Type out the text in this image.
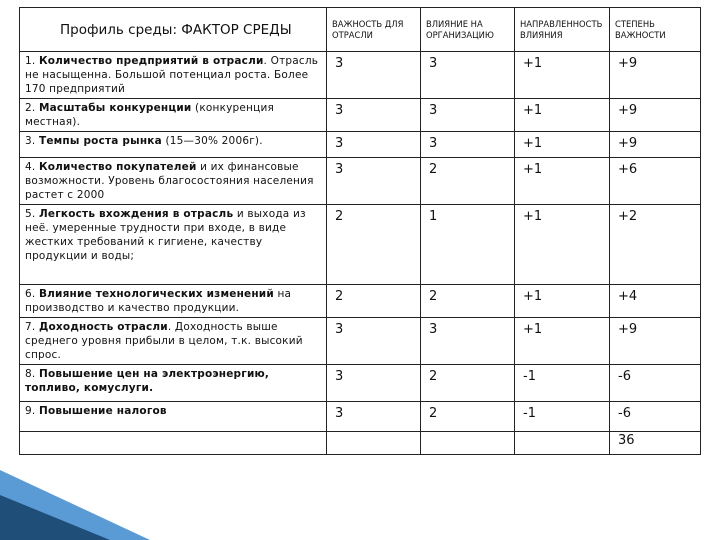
Профиль среды: ФАКТОР СРЕДЫ	ВАЖНОСТЬ ДЛЯ ОТРАСЛИ	ВЛИЯНИЕ НА ОРГАНИЗАЦИЮ	НАПРАВЛЕННОСТЬ ВЛИЯНИЯ	СТЕПЕНЬ ВАЖНОСТИ
1. Количество предприятий в отрасли. Отрасль не насыщенна. Большой потенциал роста. Более 170 предприятий	3	3	+1	+9
2. Масштабы конкуренции (конкуренция местная).	3	3	+1	+9
3. Темпы роста рынка (15—30% 2006г).	3	3	+1	+9
4. Количество покупателей и их финансовые возможности. Уровень благосостояния населения растет с 2000	3	2	+1	+6
5. Легкость вхождения в отрасль и выхода из неё. умеренные трудности при входе, в виде жестких требований к гигиене, качеству продукции и воды;	2	1	+1	+2
6. Влияние технологических изменений на производство и качество продукции.	2	2	+1	+4
7. Доходность отрасли. Доходность выше среднего уровня прибыли в целом, т.к. высокий спрос.	3	3	+1	+9
8. Повышение цен на электроэнергию, топливо, комуслуги.	3	2	-1	-6
9. Повышение налогов	3	2	-1	-6
				36
